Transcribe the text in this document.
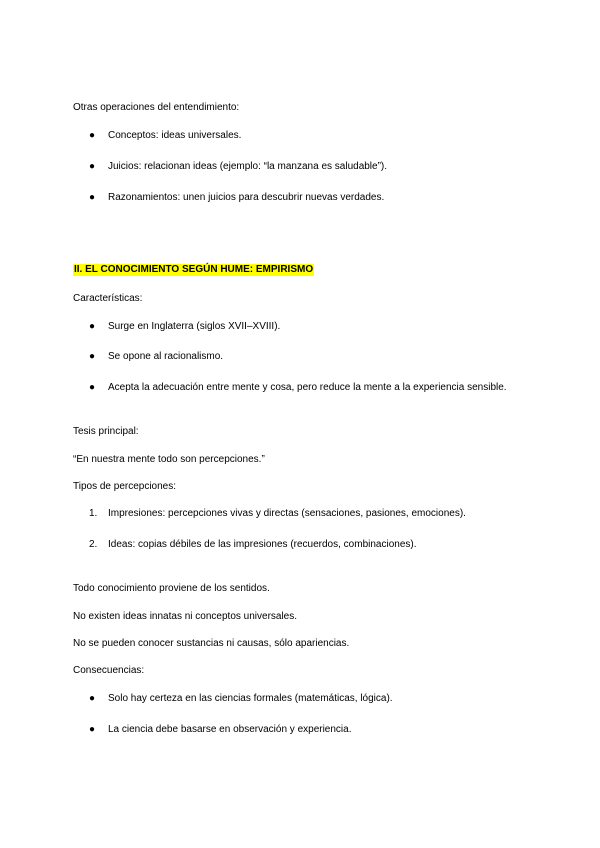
Otras operaciones del entendimiento:
● Conceptos: ideas universales.
● Juicios: relacionan ideas (ejemplo: “la manzana es saludable”).
● Razonamientos: unen juicios para descubrir nuevas verdades.
II. EL CONOCIMIENTO SEGÚN HUME: EMPIRISMO
Características:
● Surge en Inglaterra (siglos XVII–XVIII).
● Se opone al racionalismo.
● Acepta la adecuación entre mente y cosa, pero reduce la mente a la experiencia sensible.
Tesis principal:
“En nuestra mente todo son percepciones.”
Tipos de percepciones:
1. Impresiones: percepciones vivas y directas (sensaciones, pasiones, emociones).
2. Ideas: copias débiles de las impresiones (recuerdos, combinaciones).
Todo conocimiento proviene de los sentidos.
No existen ideas innatas ni conceptos universales.
No se pueden conocer sustancias ni causas, sólo apariencias.
Consecuencias:
● Solo hay certeza en las ciencias formales (matemáticas, lógica).
● La ciencia debe basarse en observación y experiencia.
